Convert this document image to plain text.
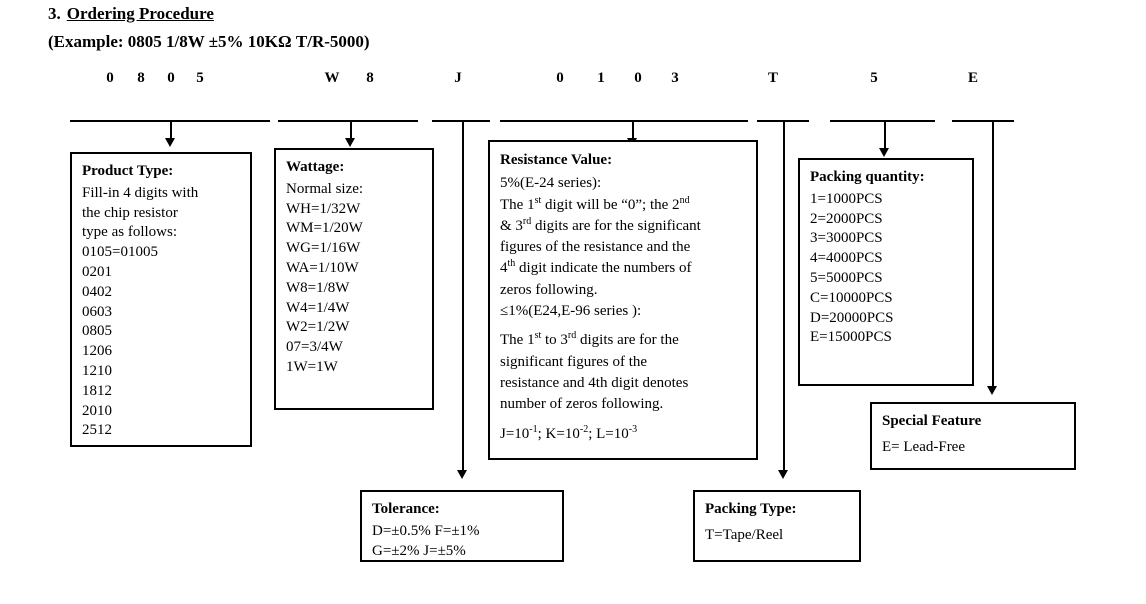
3. Ordering Procedure
(Example: 0805 1/8W ±5% 10KΩ T/R-5000)
0	8	0	5	W	8	J	0	1	0	3	T	5	E
Product Type:
Fill-in 4 digits with
the chip resistor
type as follows:
0105=01005
0201
0402
0603
0805
1206
1210
1812
2010
2512
Wattage:
Normal size:
WH=1/32W
WM=1/20W
WG=1/16W
WA=1/10W
W8=1/8W
W4=1/4W
W2=1/2W
07=3/4W
1W=1W
Resistance Value:
5%(E-24 series):
The 1st digit will be “0”; the 2nd
& 3rd digits are for the significant
figures of the resistance and the
4th digit indicate the numbers of
zeros following.
≤1%(E24,E-96 series ):
The 1st to 3rd digits are for the
significant figures of the
resistance and 4th digit denotes
number of zeros following.
$J=10^{-1}$; $K=10^{-2}$; $L=10^{-3}$
Packing quantity:
1=1000PCS
2=2000PCS
3=3000PCS
4=4000PCS
5=5000PCS
C=10000PCS
D=20000PCS
E=15000PCS
Special Feature
E= Lead-Free
Tolerance:
D=±0.5% F=±1%
G=±2% J=±5%
Packing Type:
T=Tape/Reel
